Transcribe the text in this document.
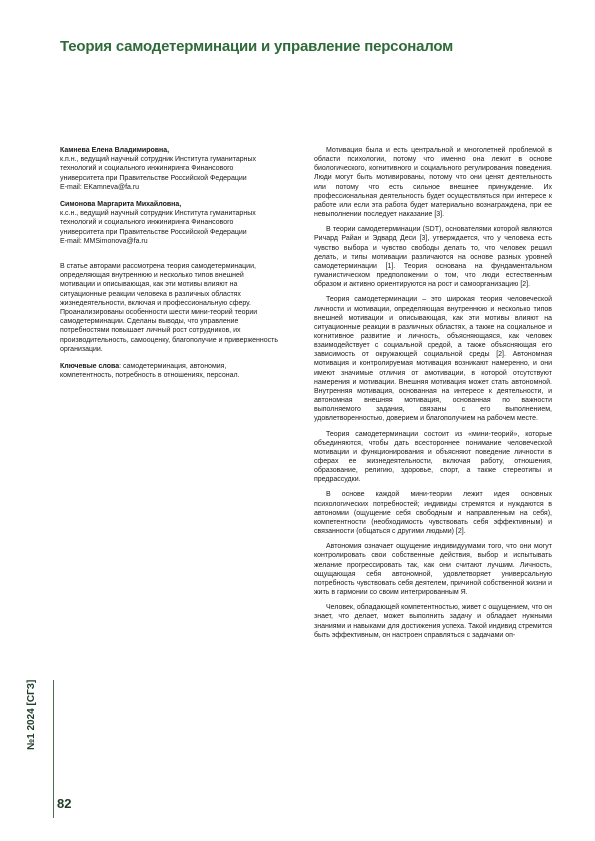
Теория самодетерминации и управление персоналом
Камнева Елена Владимировна,
к.п.н., ведущий научный сотрудник Института гуманитарных
технологий и социального инжиниринга Финансового
университета при Правительстве Российской Федерации
E-mail: EKamneva@fa.ru
Симонова Маргарита Михайловна,
к.с.н., ведущий научный сотрудник Института гуманитарных
технологий и социального инжиниринга Финансового
университета при Правительстве Российской Федерации
E-mail: MMSimonova@fa.ru
В статье авторами рассмотрена теория самодетерминации, определяющая внутреннюю и несколько типов внешней мотивации и описывающая, как эти мотивы влияют на ситуационные реакции человека в различных областях жизнедеятельности, включая и профессиональную сферу. Проанализированы особенности шести мини-теорий теории самодетерминации. Сделаны выводы, что управление потребностями повышает личный рост сотрудников, их производительность, самооценку, благополучие и приверженность организации.
Ключевые слова: самодетерминация, автономия, компетентность, потребность в отношениях, персонал.

Мотивация была и есть центральной и многолетней проблемой в области психологии, потому что именно она лежит в основе биологического, когнитивного и социального регулирования поведения. Люди могут быть мотивированы, потому что они ценят деятельность или потому что есть сильное внешнее принуждение. Их профессиональная деятельность будет осуществляться при интересе к работе или если эта работа будет материально вознаграждена, при ее невыполнении последует наказание [3].

В теории самодетерминации (SDT), основателями которой являются Ричард Райан и Эдвард Деси [3], утверждается, что у человека есть чувство выбора и чувство свободы делать то, что человек решил делать, и типы мотивации различаются на основе разных уровней самодетерминации [1]. Теория основана на фундаментальном гуманистическом предположении о том, что люди естественным образом и активно ориентируются на рост и самоорганизацию [2].

Теория самодетерминации – это широкая теория человеческой личности и мотивации, определяющая внутреннюю и несколько типов внешней мотивации и описывающая, как эти мотивы влияют на ситуационные реакции в различных областях, а также на социальное и когнитивное развитие и личность, объясняющаяся, как человек взаимодействует с социальной средой, а также объясняющая его зависимость от окружающей социальной среды [2]. Автономная мотивация и контролируемая мотивация возникают намеренно, и они имеют значимые отличия от амотивации, в которой отсутствуют намерения и мотивации. Внешняя мотивация может стать автономной. Внутренняя мотивация, основанная на интересе к деятельности, и автономная внешняя мотивация, основанная по важности выполняемого задания, связаны с его выполнением, удовлетворенностью, доверием и благополучием на рабочем месте.

Теория самодетерминации состоит из «мини-теорий», которые объединяются, чтобы дать всестороннее понимание человеческой мотивации и функционирования и объясняют поведение личности в сферах ее жизнедеятельности, включая работу, отношения, образование, религию, здоровье, спорт, а также стереотипы и предрассудки.

В основе каждой мини-теории лежит идея основных психологических потребностей; индивиды стремятся и нуждаются в автономии (ощущение себя свободным и направленным на себя), компетентности (необходимость чувствовать себя эффективным) и связанности (общаться с другими людьми) [2].

Автономия означает ощущение индивидуумами того, что они могут контролировать свои собственные действия, выбор и испытывать желание прогрессировать так, как они считают лучшим. Личность, ощущающая себя автономной, удовлетворяет универсальную потребность чувствовать себя деятелем, причиной собственной жизни и жить в гармонии со своим интегрированным Я.

Человек, обладающей компетентностью, живет с ощущением, что он знает, что делает, может выполнить задачу и обладает нужными знаниями и навыками для достижения успеха. Такой индивид стремится быть эффективным, он настроен справляться с задачами оп-

№1 2024 [СГЗ]
82
